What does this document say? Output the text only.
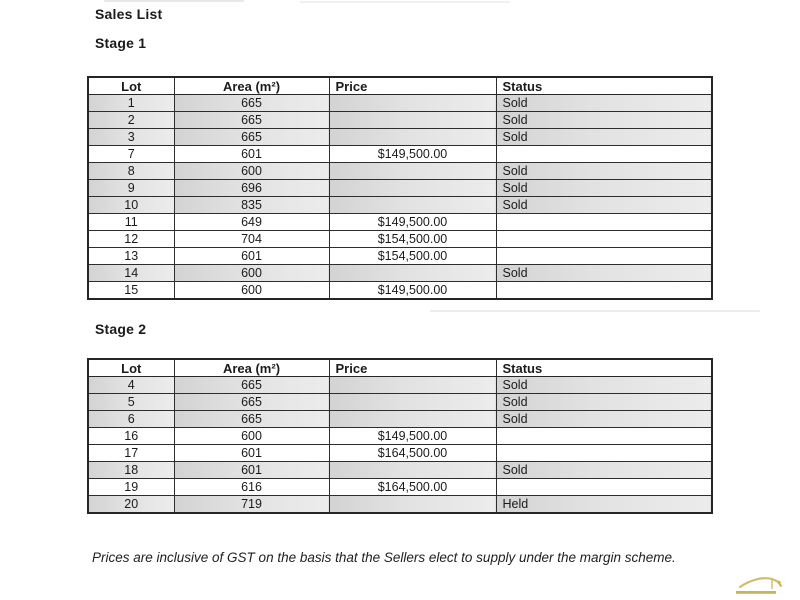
Sales List
Stage 1
Lot	Area (m²)	Price	Status
1	665		Sold
2	665		Sold
3	665		Sold
7	601	$149,500.00	
8	600		Sold
9	696		Sold
10	835		Sold
11	649	$149,500.00	
12	704	$154,500.00	
13	601	$154,500.00	
14	600		Sold
15	600	$149,500.00	
Stage 2
Lot	Area (m²)	Price	Status
4	665		Sold
5	665		Sold
6	665		Sold
16	600	$149,500.00	
17	601	$164,500.00	
18	601		Sold
19	616	$164,500.00	
20	719		Held

Prices are inclusive of GST on the basis that the Sellers elect to supply under the margin scheme.
